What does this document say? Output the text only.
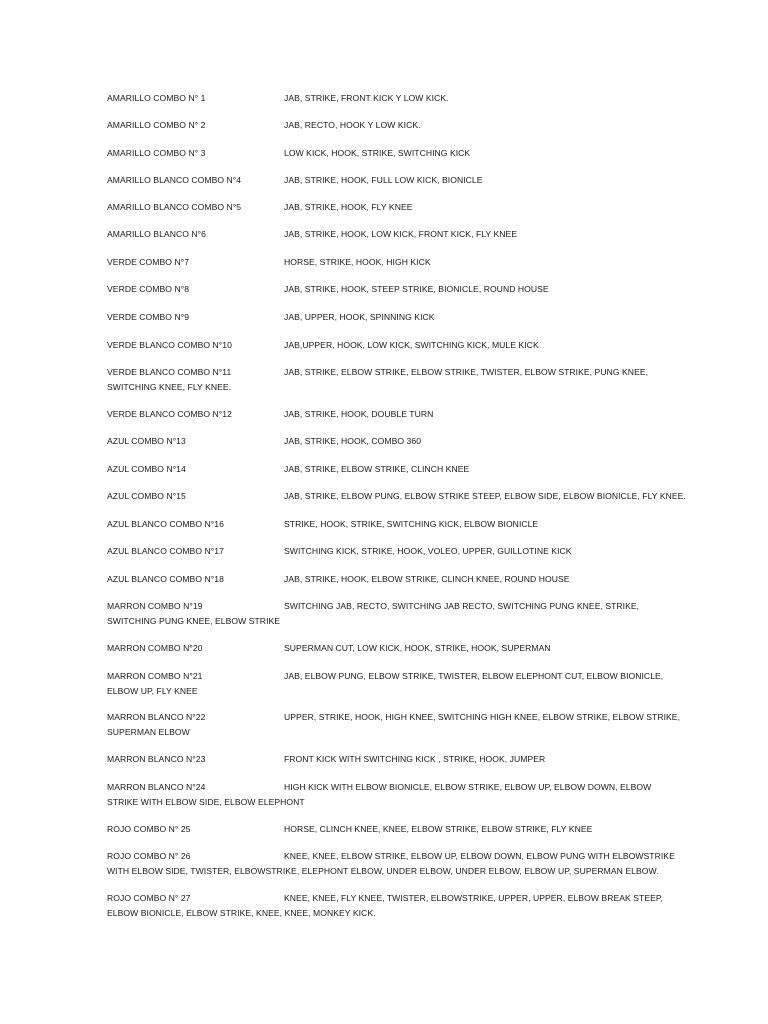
AMARILLO COMBO N° 1	JAB, STRIKE, FRONT KICK Y LOW KICK.
AMARILLO COMBO N° 2	JAB, RECTO, HOOK Y LOW KICK.
AMARILLO COMBO N° 3	LOW KICK, HOOK, STRIKE, SWITCHING KICK
AMARILLO BLANCO COMBO N°4	JAB, STRIKE, HOOK, FULL LOW KICK, BIONICLE
AMARILLO BLANCO COMBO N°5	JAB, STRIKE, HOOK, FLY KNEE
AMARILLO BLANCO N°6	JAB, STRIKE, HOOK, LOW KICK, FRONT KICK, FLY KNEE
VERDE COMBO N°7	HORSE, STRIKE, HOOK, HIGH KICK
VERDE COMBO N°8	JAB, STRIKE, HOOK, STEEP STRIKE, BIONICLE, ROUND HOUSE
VERDE COMBO N°9	JAB, UPPER, HOOK, SPINNING KICK
VERDE BLANCO COMBO N°10	JAB,UPPER, HOOK, LOW KICK, SWITCHING KICK, MULE KICK
VERDE BLANCO COMBO N°11	JAB, STRIKE, ELBOW STRIKE, ELBOW STRIKE, TWISTER, ELBOW STRIKE, PUNG KNEE,
SWITCHING KNEE, FLY KNEE.
VERDE BLANCO COMBO N°12	JAB, STRIKE, HOOK, DOUBLE TURN
AZUL COMBO N°13	JAB, STRIKE, HOOK, COMBO 360
AZUL COMBO N°14	JAB, STRIKE, ELBOW STRIKE, CLINCH KNEE
AZUL COMBO N°15	JAB, STRIKE, ELBOW PUNG, ELBOW STRIKE STEEP, ELBOW SIDE, ELBOW BIONICLE, FLY KNEE.
AZUL BLANCO COMBO N°16	STRIKE, HOOK, STRIKE, SWITCHING KICK, ELBOW BIONICLE
AZUL BLANCO COMBO N°17	SWITCHING KICK, STRIKE, HOOK, VOLEO, UPPER, GUILLOTINE KICK
AZUL BLANCO COMBO N°18	JAB, STRIKE, HOOK, ELBOW STRIKE, CLINCH KNEE, ROUND HOUSE
MARRON COMBO N°19	SWITCHING JAB, RECTO, SWITCHING JAB RECTO, SWITCHING PUNG KNEE, STRIKE,
SWITCHING PUNG KNEE, ELBOW STRIKE
MARRON COMBO N°20	SUPERMAN CUT, LOW KICK, HOOK, STRIKE, HOOK, SUPERMAN
MARRON COMBO N°21	JAB, ELBOW PUNG, ELBOW STRIKE, TWISTER, ELBOW ELEPHONT CUT, ELBOW BIONICLE,
ELBOW UP, FLY KNEE
MARRON BLANCO N°22	UPPER, STRIKE, HOOK, HIGH KNEE, SWITCHING HIGH KNEE, ELBOW STRIKE, ELBOW STRIKE,
SUPERMAN ELBOW
MARRON BLANCO N°23	FRONT KICK WITH SWITCHING KICK , STRIKE, HOOK, JUMPER
MARRON BLANCO N°24	HIGH KICK WITH ELBOW BIONICLE, ELBOW STRIKE, ELBOW UP, ELBOW DOWN, ELBOW
STRIKE WITH ELBOW SIDE, ELBOW ELEPHONT
ROJO COMBO N° 25	HORSE, CLINCH KNEE, KNEE, ELBOW STRIKE, ELBOW STRIKE, FLY KNEE
ROJO COMBO N° 26	KNEE, KNEE, ELBOW STRIKE, ELBOW UP, ELBOW DOWN, ELBOW PUNG WITH ELBOWSTRIKE
WITH ELBOW SIDE, TWISTER, ELBOWSTRIKE, ELEPHONT ELBOW, UNDER ELBOW, UNDER ELBOW, ELBOW UP, SUPERMAN ELBOW.
ROJO COMBO N° 27	KNEE, KNEE, FLY KNEE, TWISTER, ELBOWSTRIKE, UPPER, UPPER, ELBOW BREAK STEEP,
ELBOW BIONICLE, ELBOW STRIKE, KNEE, KNEE, MONKEY KICK.
